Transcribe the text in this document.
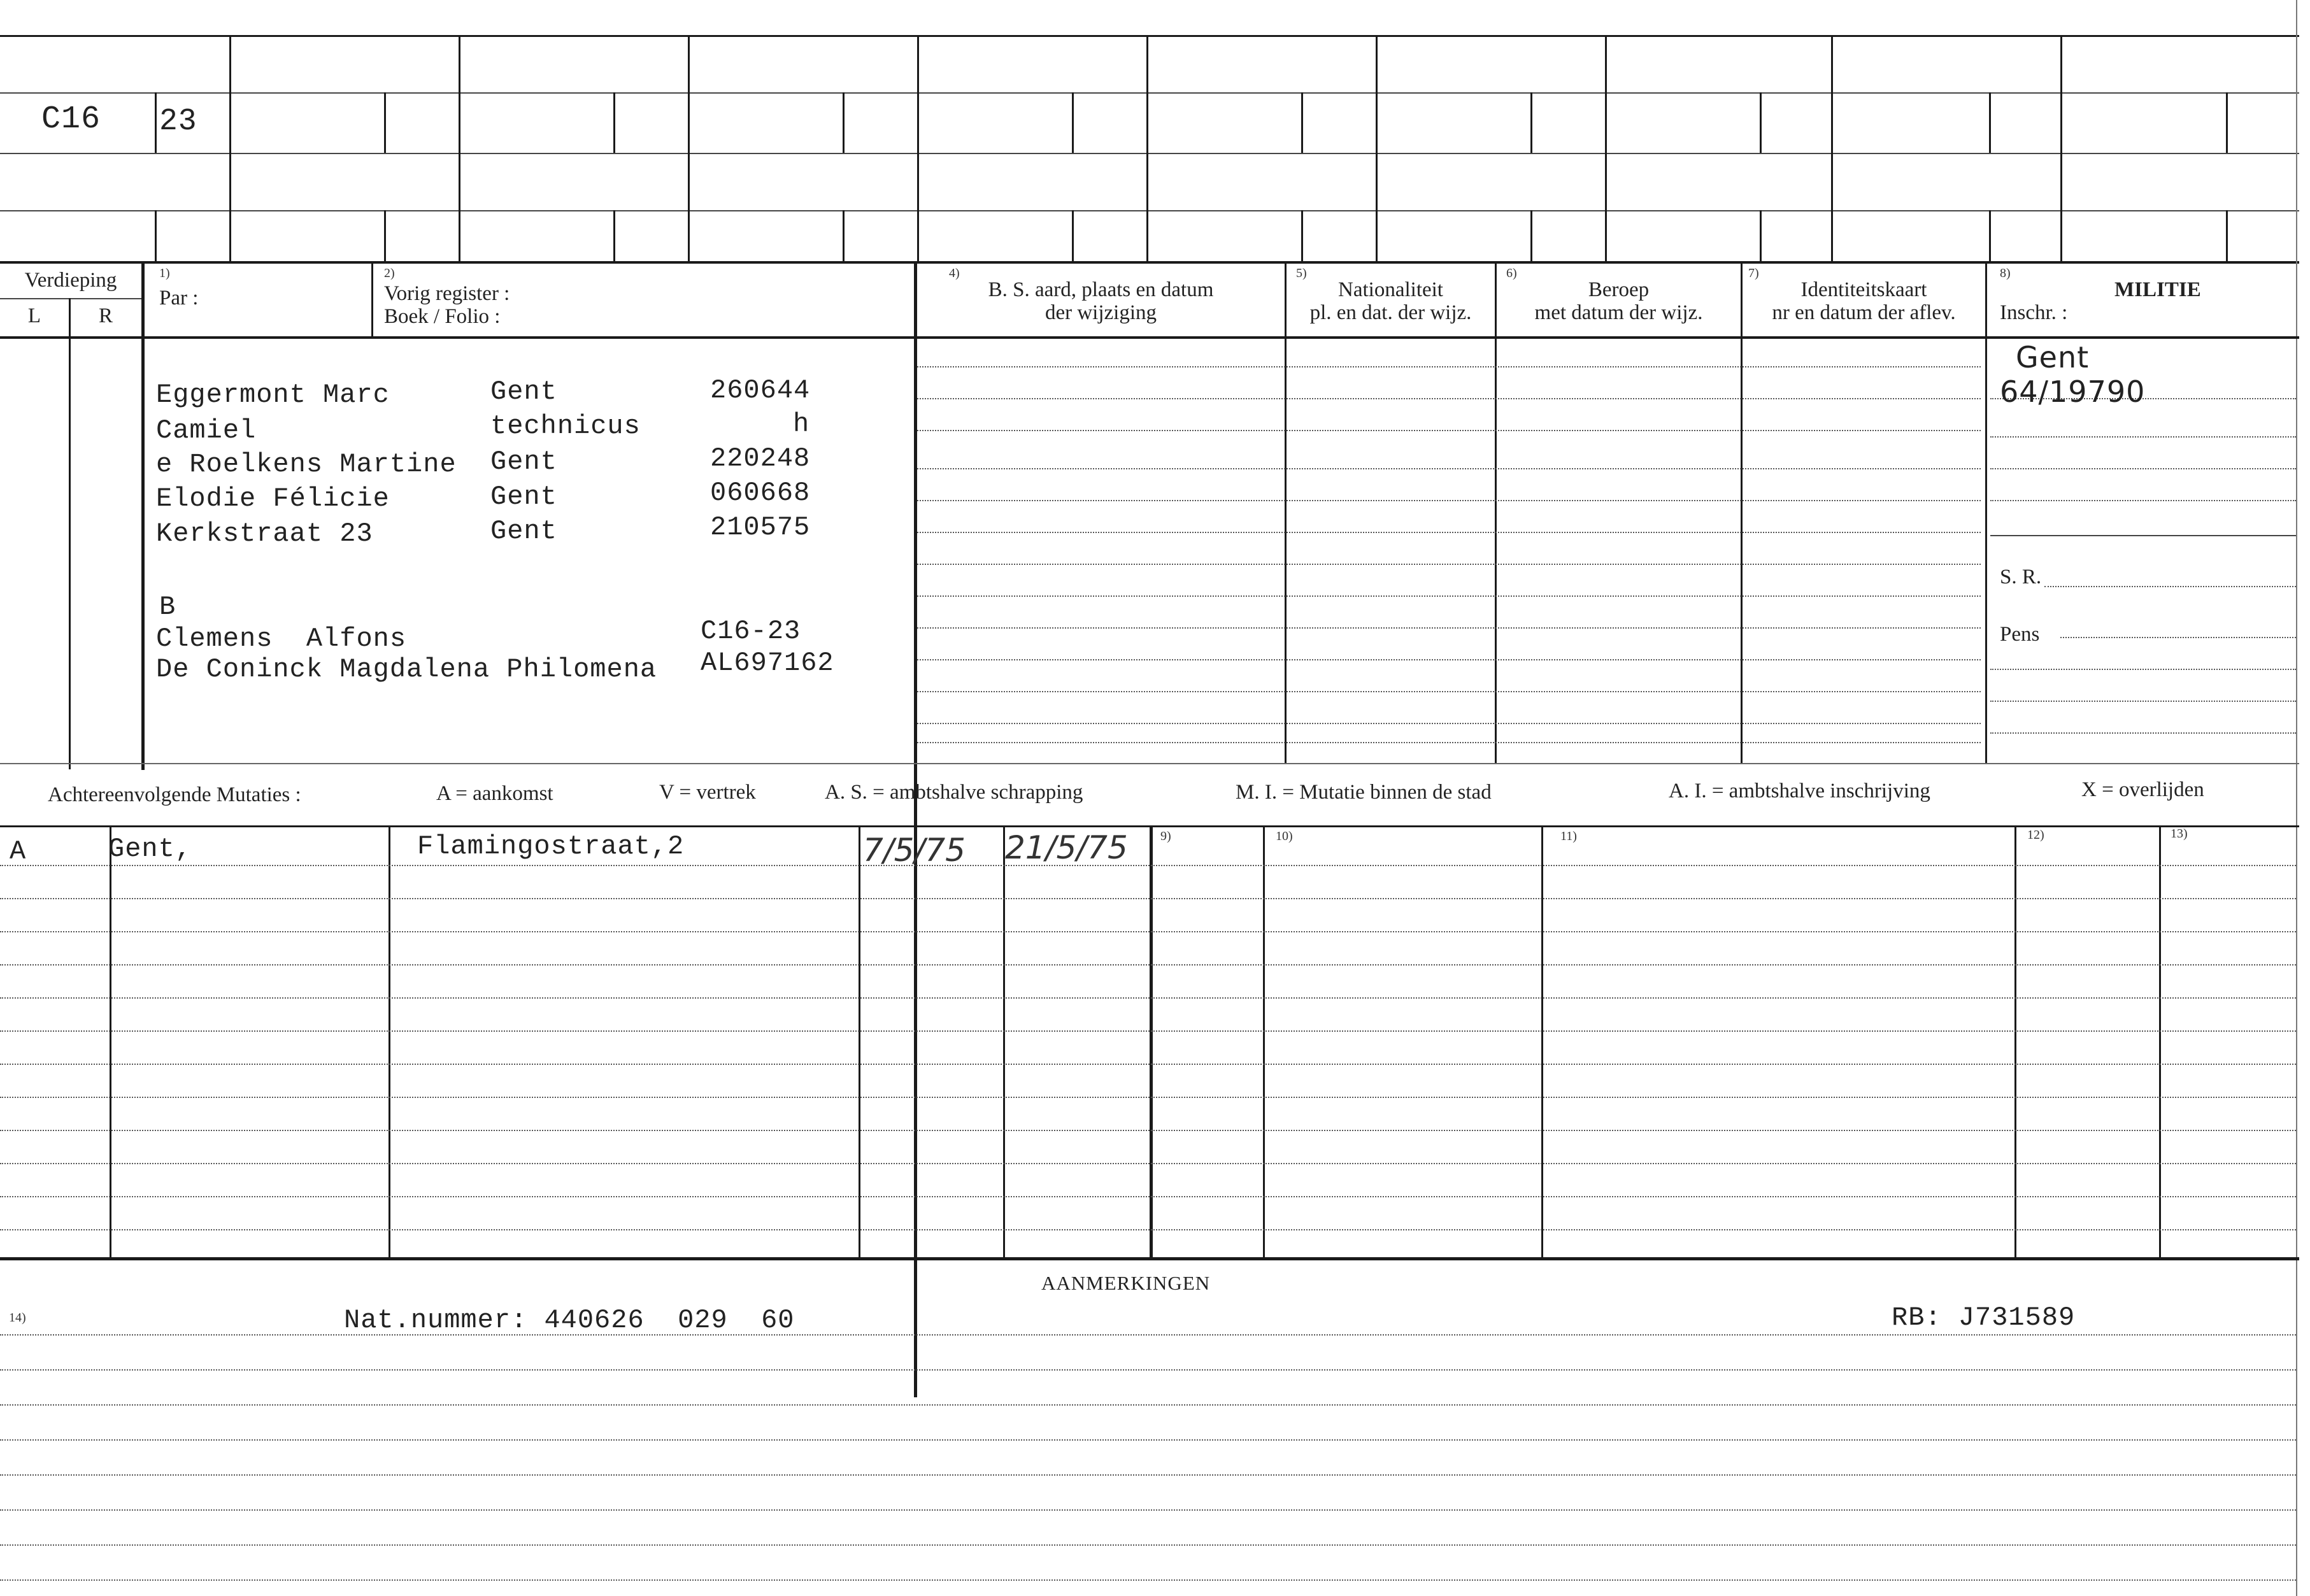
C16 23
Verdieping
L	R
1)
Par :
2)
Vorig register :
Boek / Folio :
4)
B. S. aard, plaats en datum
der wijziging
5)
Nationaliteit
pl. en dat. der wijz.
6)
Beroep
met datum der wijz.
7)
Identiteitskaart
nr en datum der aflev.
8)
MILITIE
Inschr. :
Eggermont Marc	Gent	260644
Camiel	technicus	h
e Roelkens Martine Gent	220248
Elodie Félicie	Gent	060668
Kerkstraat 23	Gent	210575
B
Clemens  Alfons	C16-23
De Coninck Magdalena Philomena AL697162
Gent
64/19790
S. R.
Pens
Achtereenvolgende Mutaties :	A = aankomst	V = vertrek	A. S. = ambtshalve schrapping	M. I. = Mutatie binnen de stad	A. I. = ambtshalve inschrijving	X = overlijden
9)	10)	11)	12)	13)
A	Gent,	Flamingostraat,2	7/5/75 21/5/75
AANMERKINGEN
14)	Nat.nummer: 440626  029  60	RB: J731589
